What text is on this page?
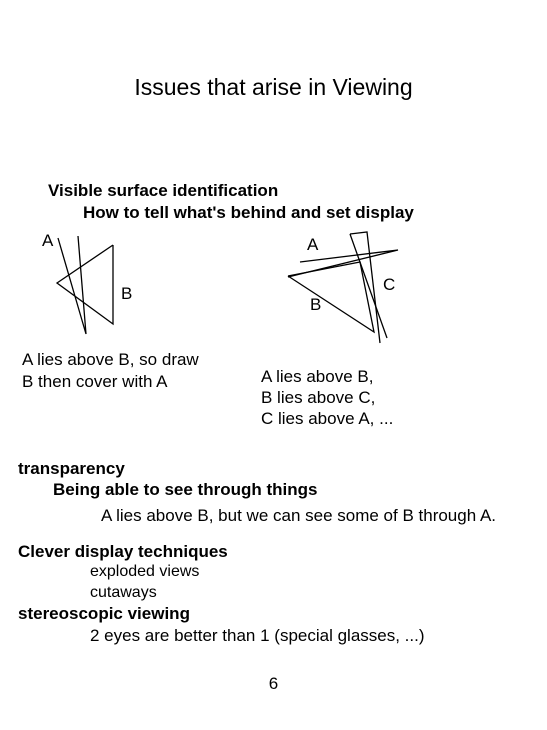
Issues that arise in Viewing
Visible surface identification
How to tell what's behind and set display
A
B
A lies above B, so draw
B then cover with A
A
C
B
A lies above B,
B lies above C,
C lies above A, ...
transparency
Being able to see through things
A lies above B, but we can see some of B through A.
Clever display techniques
exploded views
cutaways
stereoscopic viewing
2 eyes are better than 1 (special glasses, ...)
6
